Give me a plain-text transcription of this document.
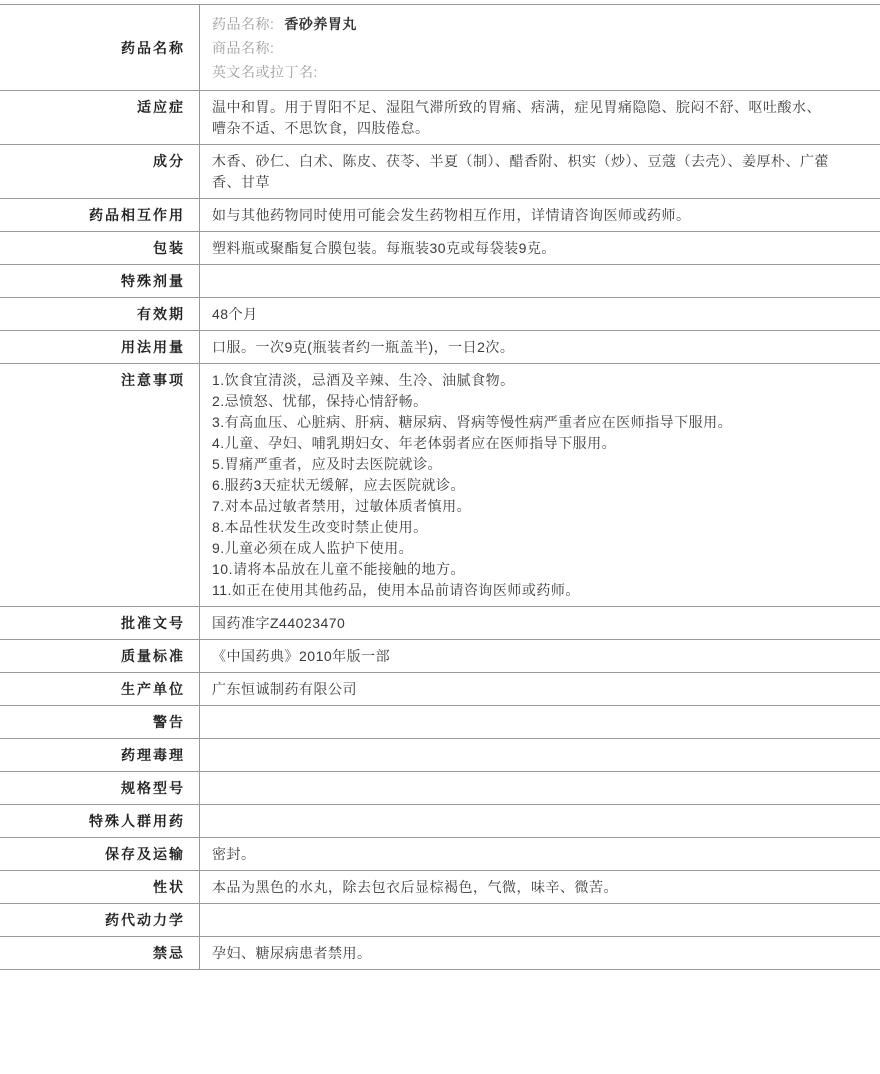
药品名称
药品名称: 香砂养胃丸
商品名称:
英文名或拉丁名:
适应症	温中和胃。用于胃阳不足、湿阻气滞所致的胃痛、痞满，症见胃痛隐隐、脘闷不舒、呕吐酸水、嘈杂不适、不思饮食，四肢倦怠。
成分	木香、砂仁、白术、陈皮、茯苓、半夏（制）、醋香附、枳实（炒）、豆蔻（去壳）、姜厚朴、广藿香、甘草
药品相互作用	如与其他药物同时使用可能会发生药物相互作用，详情请咨询医师或药师。
包装	塑料瓶或聚酯复合膜包装。每瓶装30克或每袋装9克。
特殊剂量
有效期	48个月
用法用量	口服。一次9克(瓶装者约一瓶盖半)，一日2次。
注意事项	1.饮食宜清淡，忌酒及辛辣、生冷、油腻食物。
2.忌愤怒、忧郁，保持心情舒畅。
3.有高血压、心脏病、肝病、糖尿病、肾病等慢性病严重者应在医师指导下服用。
4.儿童、孕妇、哺乳期妇女、年老体弱者应在医师指导下服用。
5.胃痛严重者，应及时去医院就诊。
6.服药3天症状无缓解，应去医院就诊。
7.对本品过敏者禁用，过敏体质者慎用。
8.本品性状发生改变时禁止使用。
9.儿童必须在成人监护下使用。
10.请将本品放在儿童不能接触的地方。
11.如正在使用其他药品，使用本品前请咨询医师或药师。
批准文号	国药准字Z44023470
质量标准	《中国药典》2010年版一部
生产单位	广东恒诚制药有限公司
警告
药理毒理
规格型号
特殊人群用药
保存及运输	密封。
性状	本品为黑色的水丸，除去包衣后显棕褐色，气微，味辛、微苦。
药代动力学
禁忌	孕妇、糖尿病患者禁用。
